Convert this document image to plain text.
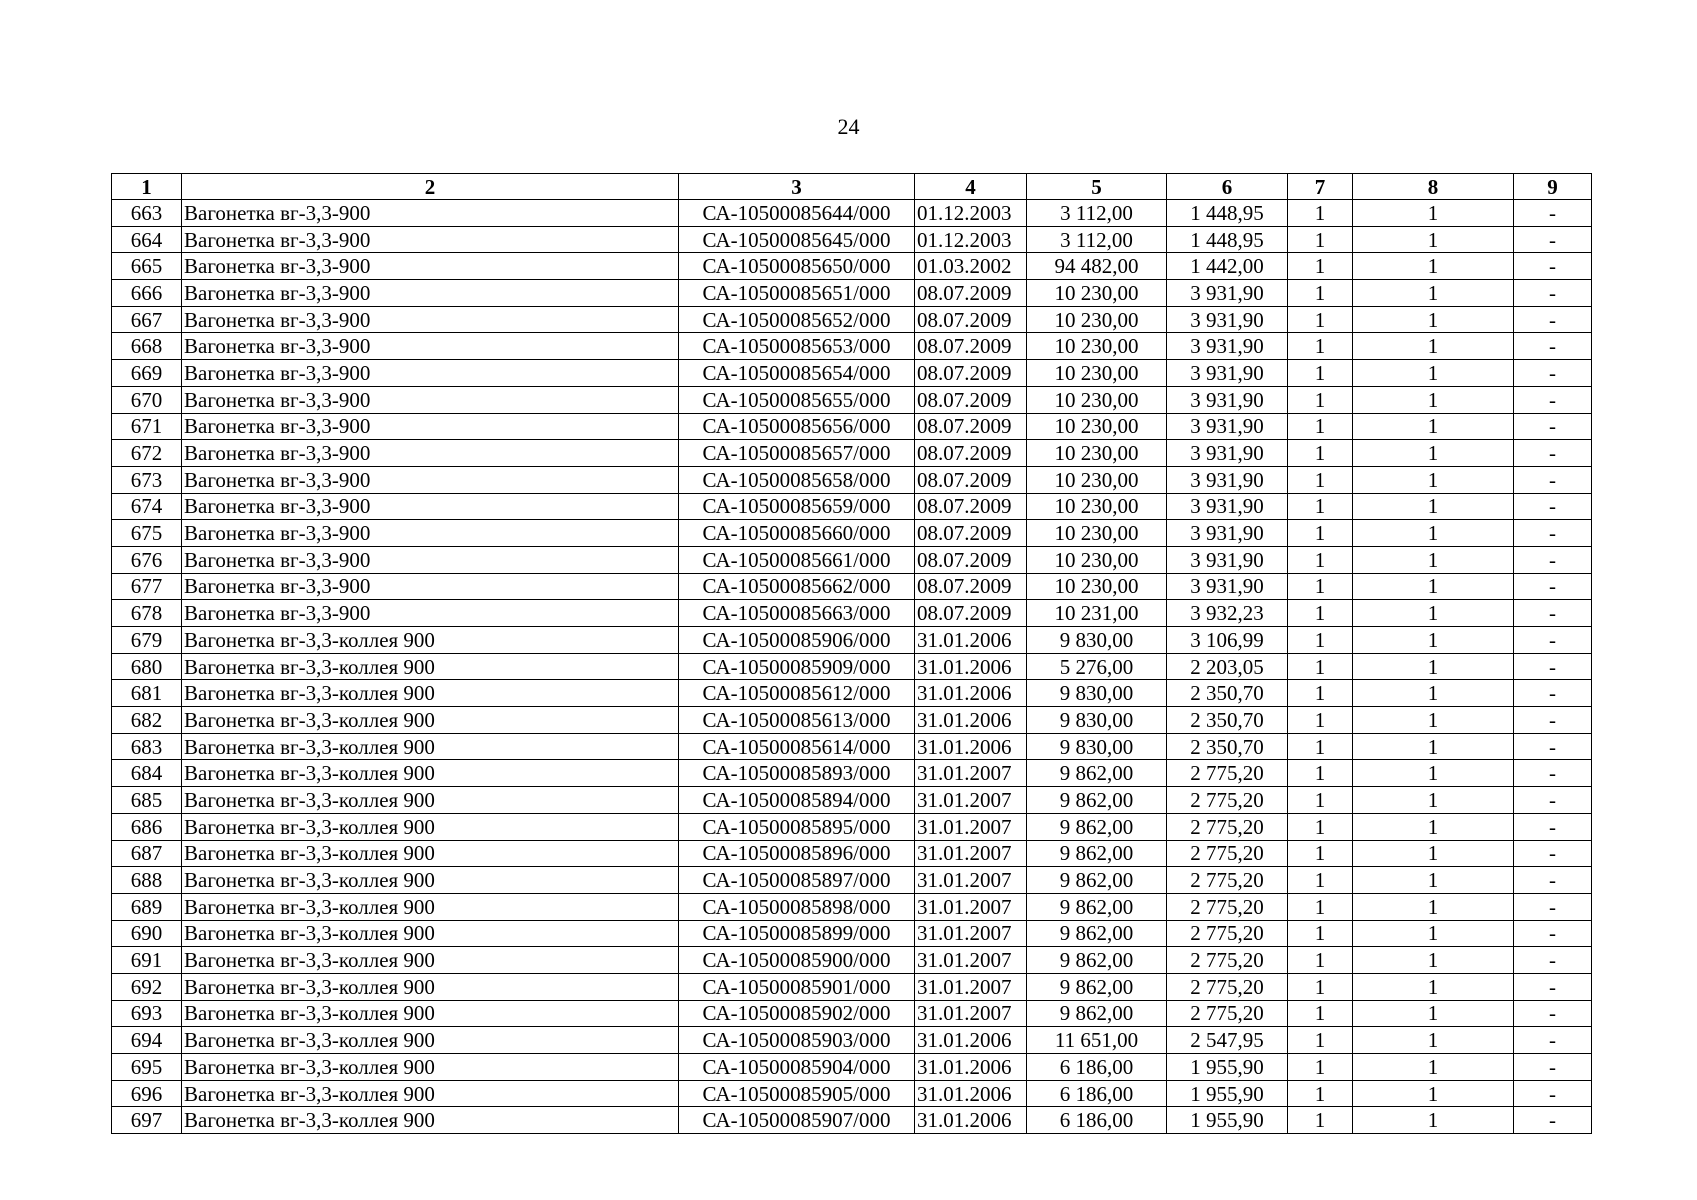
24
1	2	3	4	5	6	7	8	9
663	Вагонетка вг-3,3-900	СА-10500085644/000	01.12.2003	3 112,00	1 448,95	1	1	-
664	Вагонетка вг-3,3-900	СА-10500085645/000	01.12.2003	3 112,00	1 448,95	1	1	-
665	Вагонетка вг-3,3-900	СА-10500085650/000	01.03.2002	94 482,00	1 442,00	1	1	-
666	Вагонетка вг-3,3-900	СА-10500085651/000	08.07.2009	10 230,00	3 931,90	1	1	-
667	Вагонетка вг-3,3-900	СА-10500085652/000	08.07.2009	10 230,00	3 931,90	1	1	-
668	Вагонетка вг-3,3-900	СА-10500085653/000	08.07.2009	10 230,00	3 931,90	1	1	-
669	Вагонетка вг-3,3-900	СА-10500085654/000	08.07.2009	10 230,00	3 931,90	1	1	-
670	Вагонетка вг-3,3-900	СА-10500085655/000	08.07.2009	10 230,00	3 931,90	1	1	-
671	Вагонетка вг-3,3-900	СА-10500085656/000	08.07.2009	10 230,00	3 931,90	1	1	-
672	Вагонетка вг-3,3-900	СА-10500085657/000	08.07.2009	10 230,00	3 931,90	1	1	-
673	Вагонетка вг-3,3-900	СА-10500085658/000	08.07.2009	10 230,00	3 931,90	1	1	-
674	Вагонетка вг-3,3-900	СА-10500085659/000	08.07.2009	10 230,00	3 931,90	1	1	-
675	Вагонетка вг-3,3-900	СА-10500085660/000	08.07.2009	10 230,00	3 931,90	1	1	-
676	Вагонетка вг-3,3-900	СА-10500085661/000	08.07.2009	10 230,00	3 931,90	1	1	-
677	Вагонетка вг-3,3-900	СА-10500085662/000	08.07.2009	10 230,00	3 931,90	1	1	-
678	Вагонетка вг-3,3-900	СА-10500085663/000	08.07.2009	10 231,00	3 932,23	1	1	-
679	Вагонетка вг-3,3-коллея 900	СА-10500085906/000	31.01.2006	9 830,00	3 106,99	1	1	-
680	Вагонетка вг-3,3-коллея 900	СА-10500085909/000	31.01.2006	5 276,00	2 203,05	1	1	-
681	Вагонетка вг-3,3-коллея 900	СА-10500085612/000	31.01.2006	9 830,00	2 350,70	1	1	-
682	Вагонетка вг-3,3-коллея 900	СА-10500085613/000	31.01.2006	9 830,00	2 350,70	1	1	-
683	Вагонетка вг-3,3-коллея 900	СА-10500085614/000	31.01.2006	9 830,00	2 350,70	1	1	-
684	Вагонетка вг-3,3-коллея 900	СА-10500085893/000	31.01.2007	9 862,00	2 775,20	1	1	-
685	Вагонетка вг-3,3-коллея 900	СА-10500085894/000	31.01.2007	9 862,00	2 775,20	1	1	-
686	Вагонетка вг-3,3-коллея 900	СА-10500085895/000	31.01.2007	9 862,00	2 775,20	1	1	-
687	Вагонетка вг-3,3-коллея 900	СА-10500085896/000	31.01.2007	9 862,00	2 775,20	1	1	-
688	Вагонетка вг-3,3-коллея 900	СА-10500085897/000	31.01.2007	9 862,00	2 775,20	1	1	-
689	Вагонетка вг-3,3-коллея 900	СА-10500085898/000	31.01.2007	9 862,00	2 775,20	1	1	-
690	Вагонетка вг-3,3-коллея 900	СА-10500085899/000	31.01.2007	9 862,00	2 775,20	1	1	-
691	Вагонетка вг-3,3-коллея 900	СА-10500085900/000	31.01.2007	9 862,00	2 775,20	1	1	-
692	Вагонетка вг-3,3-коллея 900	СА-10500085901/000	31.01.2007	9 862,00	2 775,20	1	1	-
693	Вагонетка вг-3,3-коллея 900	СА-10500085902/000	31.01.2007	9 862,00	2 775,20	1	1	-
694	Вагонетка вг-3,3-коллея 900	СА-10500085903/000	31.01.2006	11 651,00	2 547,95	1	1	-
695	Вагонетка вг-3,3-коллея 900	СА-10500085904/000	31.01.2006	6 186,00	1 955,90	1	1	-
696	Вагонетка вг-3,3-коллея 900	СА-10500085905/000	31.01.2006	6 186,00	1 955,90	1	1	-
697	Вагонетка вг-3,3-коллея 900	СА-10500085907/000	31.01.2006	6 186,00	1 955,90	1	1	-
